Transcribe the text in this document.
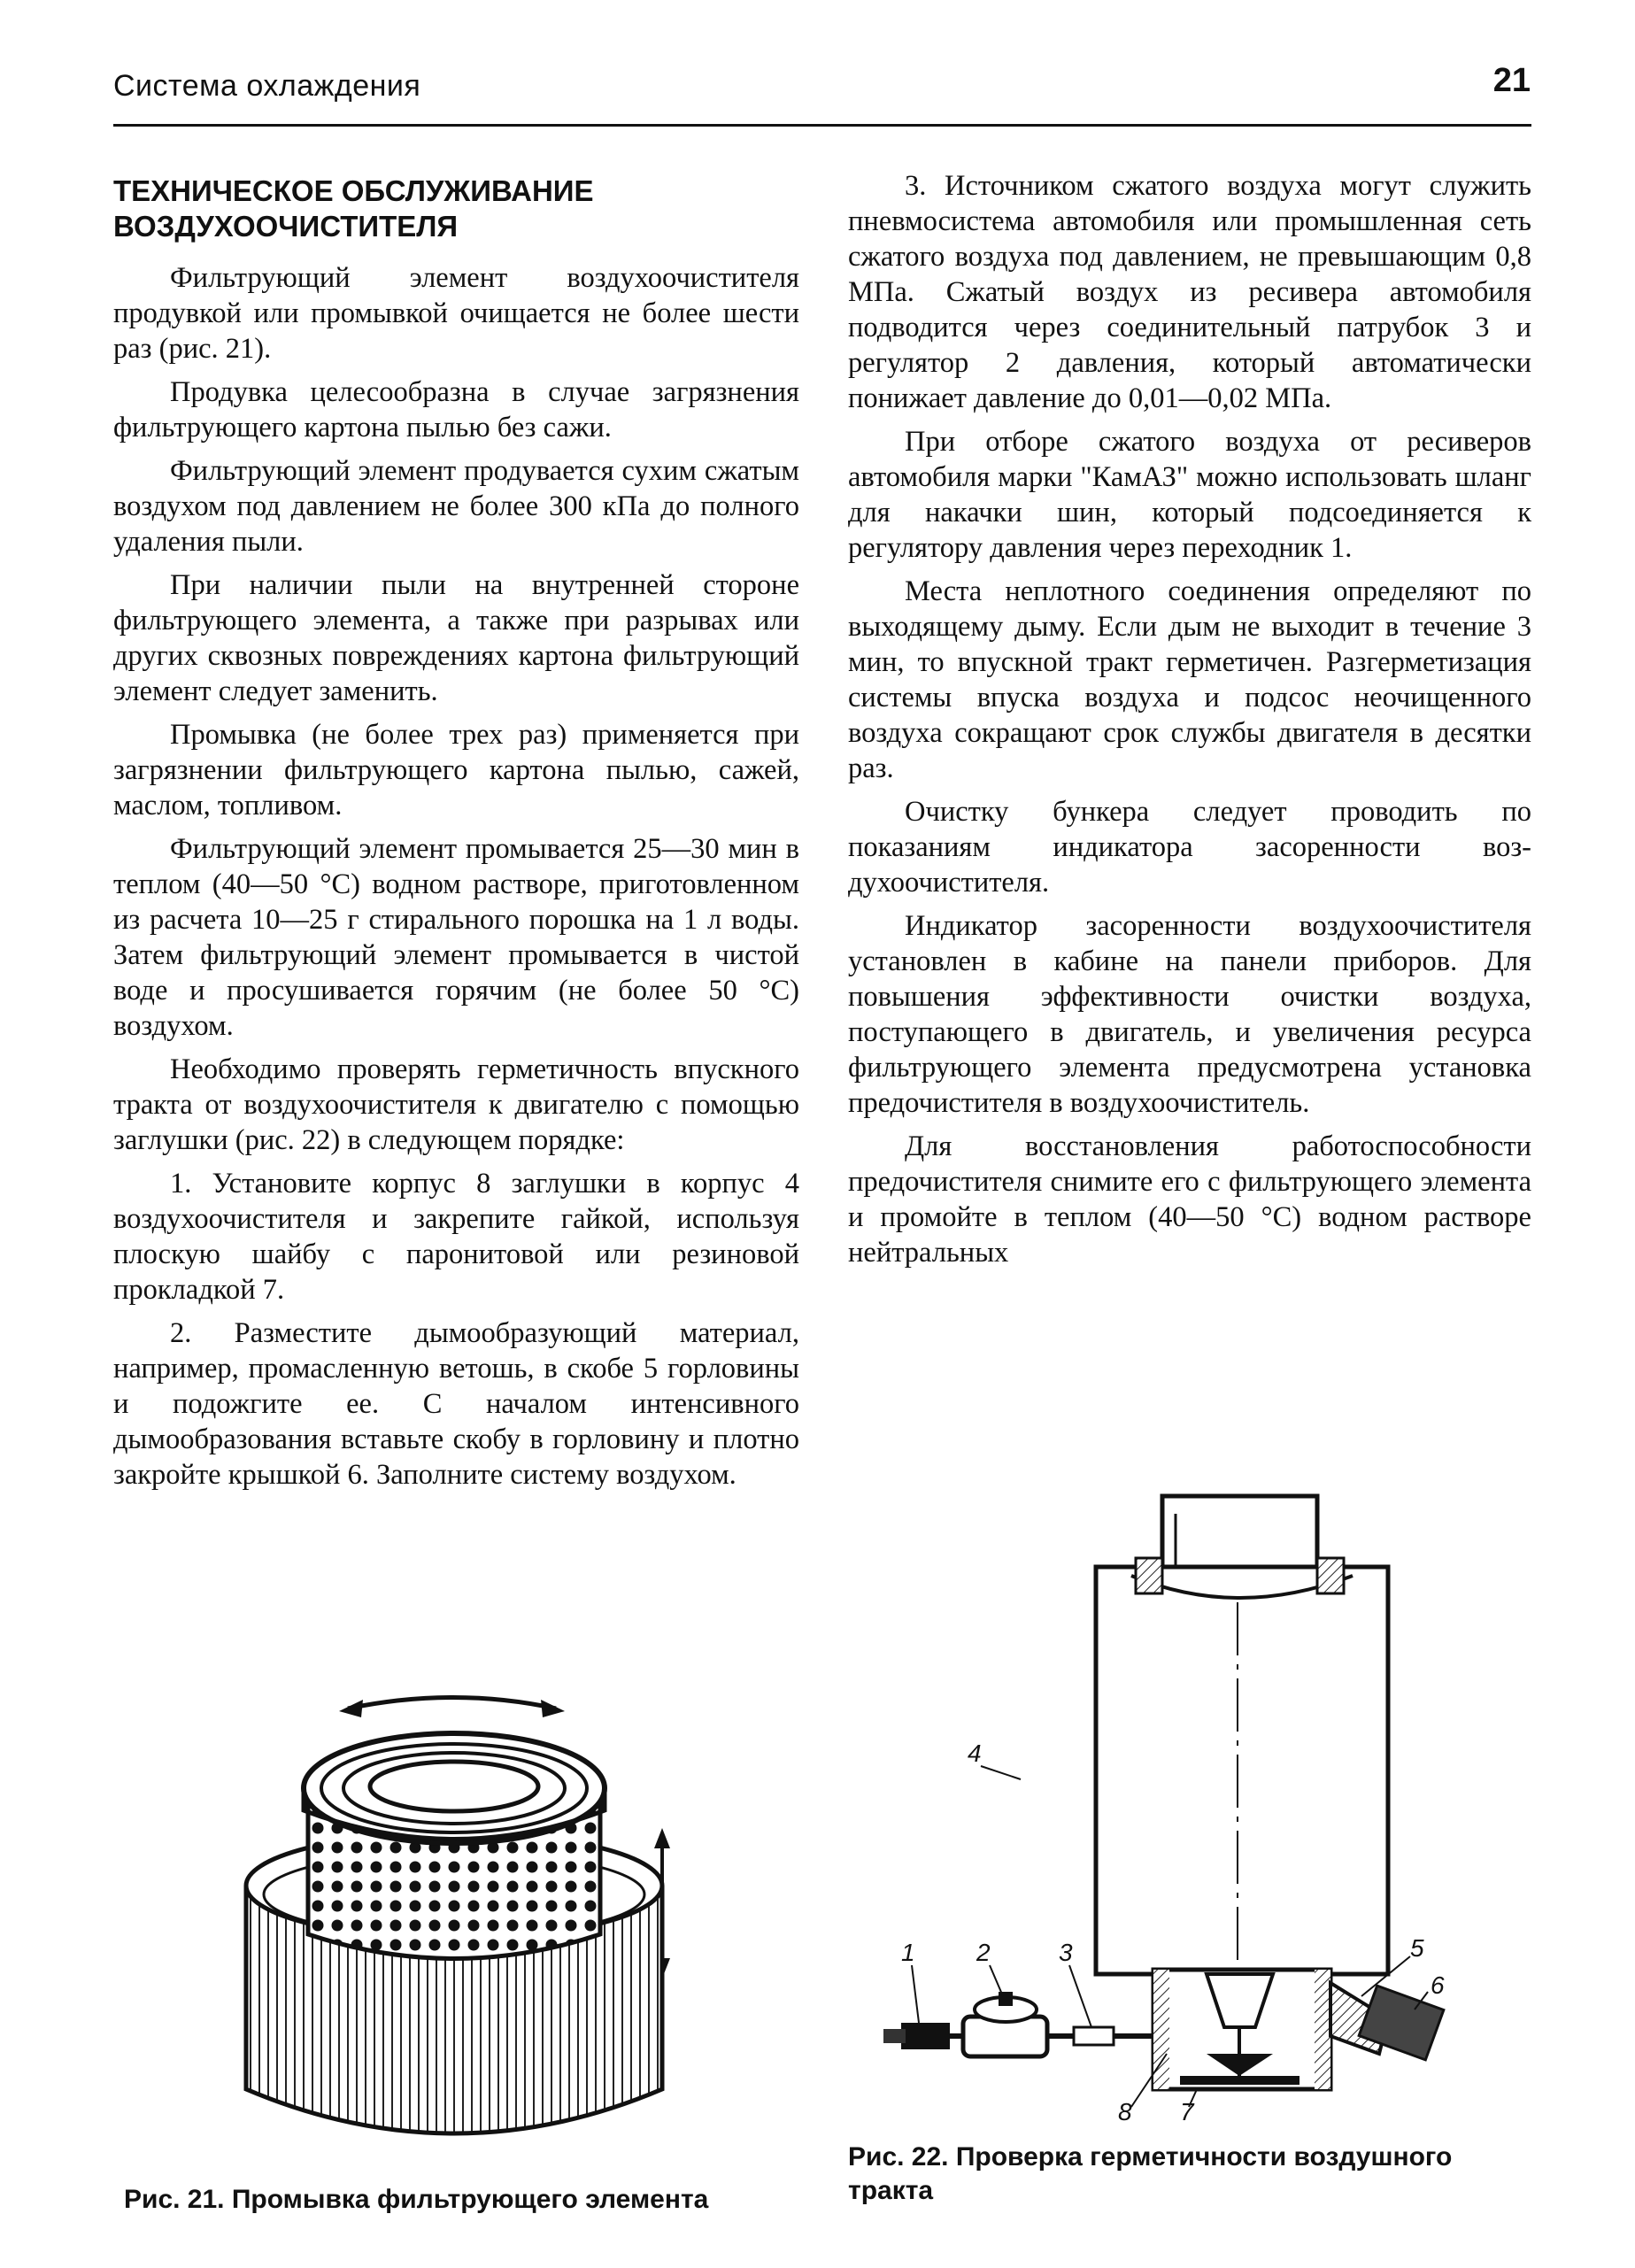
Система охлаждения	21
ТЕХНИЧЕСКОЕ ОБСЛУЖИВАНИЕ
ВОЗДУХООЧИСТИТЕЛЯ

Фильтрующий элемент воздухоочистителя продувкой или промывкой очищается не более шести раз (рис. 21).

Продувка целесообразна в случае загрязнения фильтрующего картона пылью без сажи.

Фильтрующий элемент продувается сухим сжатым воздухом под давлением не более 300 кПа до полного удаления пыли.

При наличии пыли на внутренней стороне фильтрующего элемента, а также при разрывах или других сквозных повреждениях картона фильтрующий элемент следует заменить.

Промывка (не более трех раз) применяется при загрязнении фильтрующего картона пылью, сажей, маслом, топливом.

Фильтрующий элемент промывается 25—30 мин в теплом (40—50 °С) водном растворе, приготовленном из расчета 10—25 г стирального порошка на 1 л воды. Затем фильтрующий элемент промывается в чистой воде и просушивается горячим (не более 50 °С) воздухом.

Необходимо проверять герметичность впускного тракта от воздухоочистителя к двигателю с помощью заглушки (рис. 22) в следующем порядке:

1. Установите корпус 8 заглушки в корпус 4 воздухоочистителя и закрепите гайкой, используя плоскую шайбу с паронитовой или резиновой прокладкой 7.

2. Разместите дымообразующий материал, например, промасленную ветошь, в скобе 5 горловины и подожгите ее. С началом интенсивного дымообразования вставьте скобу в горловину и плотно закройте крышкой 6. Заполните систему воздухом.

3. Источником сжатого воздуха могут служить пневмосистема автомобиля или промышленная сеть сжатого воздуха под давлением, не превышающим 0,8 МПа. Сжатый воздух из ресивера автомобиля подводится через соединительный патрубок 3 и регулятор 2 давления, который автоматически понижает давление до 0,01—0,02 МПа.

При отборе сжатого воздуха от ресиверов автомобиля марки "КамАЗ" можно использовать шланг для накачки шин, который подсоединяется к регулятору давления через переходник 1.

Места неплотного соединения определяют по выходящему дыму. Если дым не выходит в течение 3 мин, то впускной тракт герметичен. Разгерметизация системы впуска воздуха и подсос неочищенного воздуха сокращают срок службы двигателя в десятки раз.

Очистку бункера следует проводить по показаниям индикатора засоренности воздухоочистителя.

Индикатор засоренности воздухоочистителя установлен в кабине на панели приборов. Для повышения эффективности очистки воздуха, поступающего в двигатель, и увеличения ресурса фильтрующего элемента предусмотрена установка предочистителя в воздухоочиститель.

Для восстановления работоспособности предочистителя снимите его с фильтрующего элемента и промойте в теплом (40—50 °С) водном растворе нейтральных

Рис. 21. Промывка фильтрующего элемента
4
1 2	3	5
6
8 7
Рис. 22. Проверка герметичности воздушного
тракта
